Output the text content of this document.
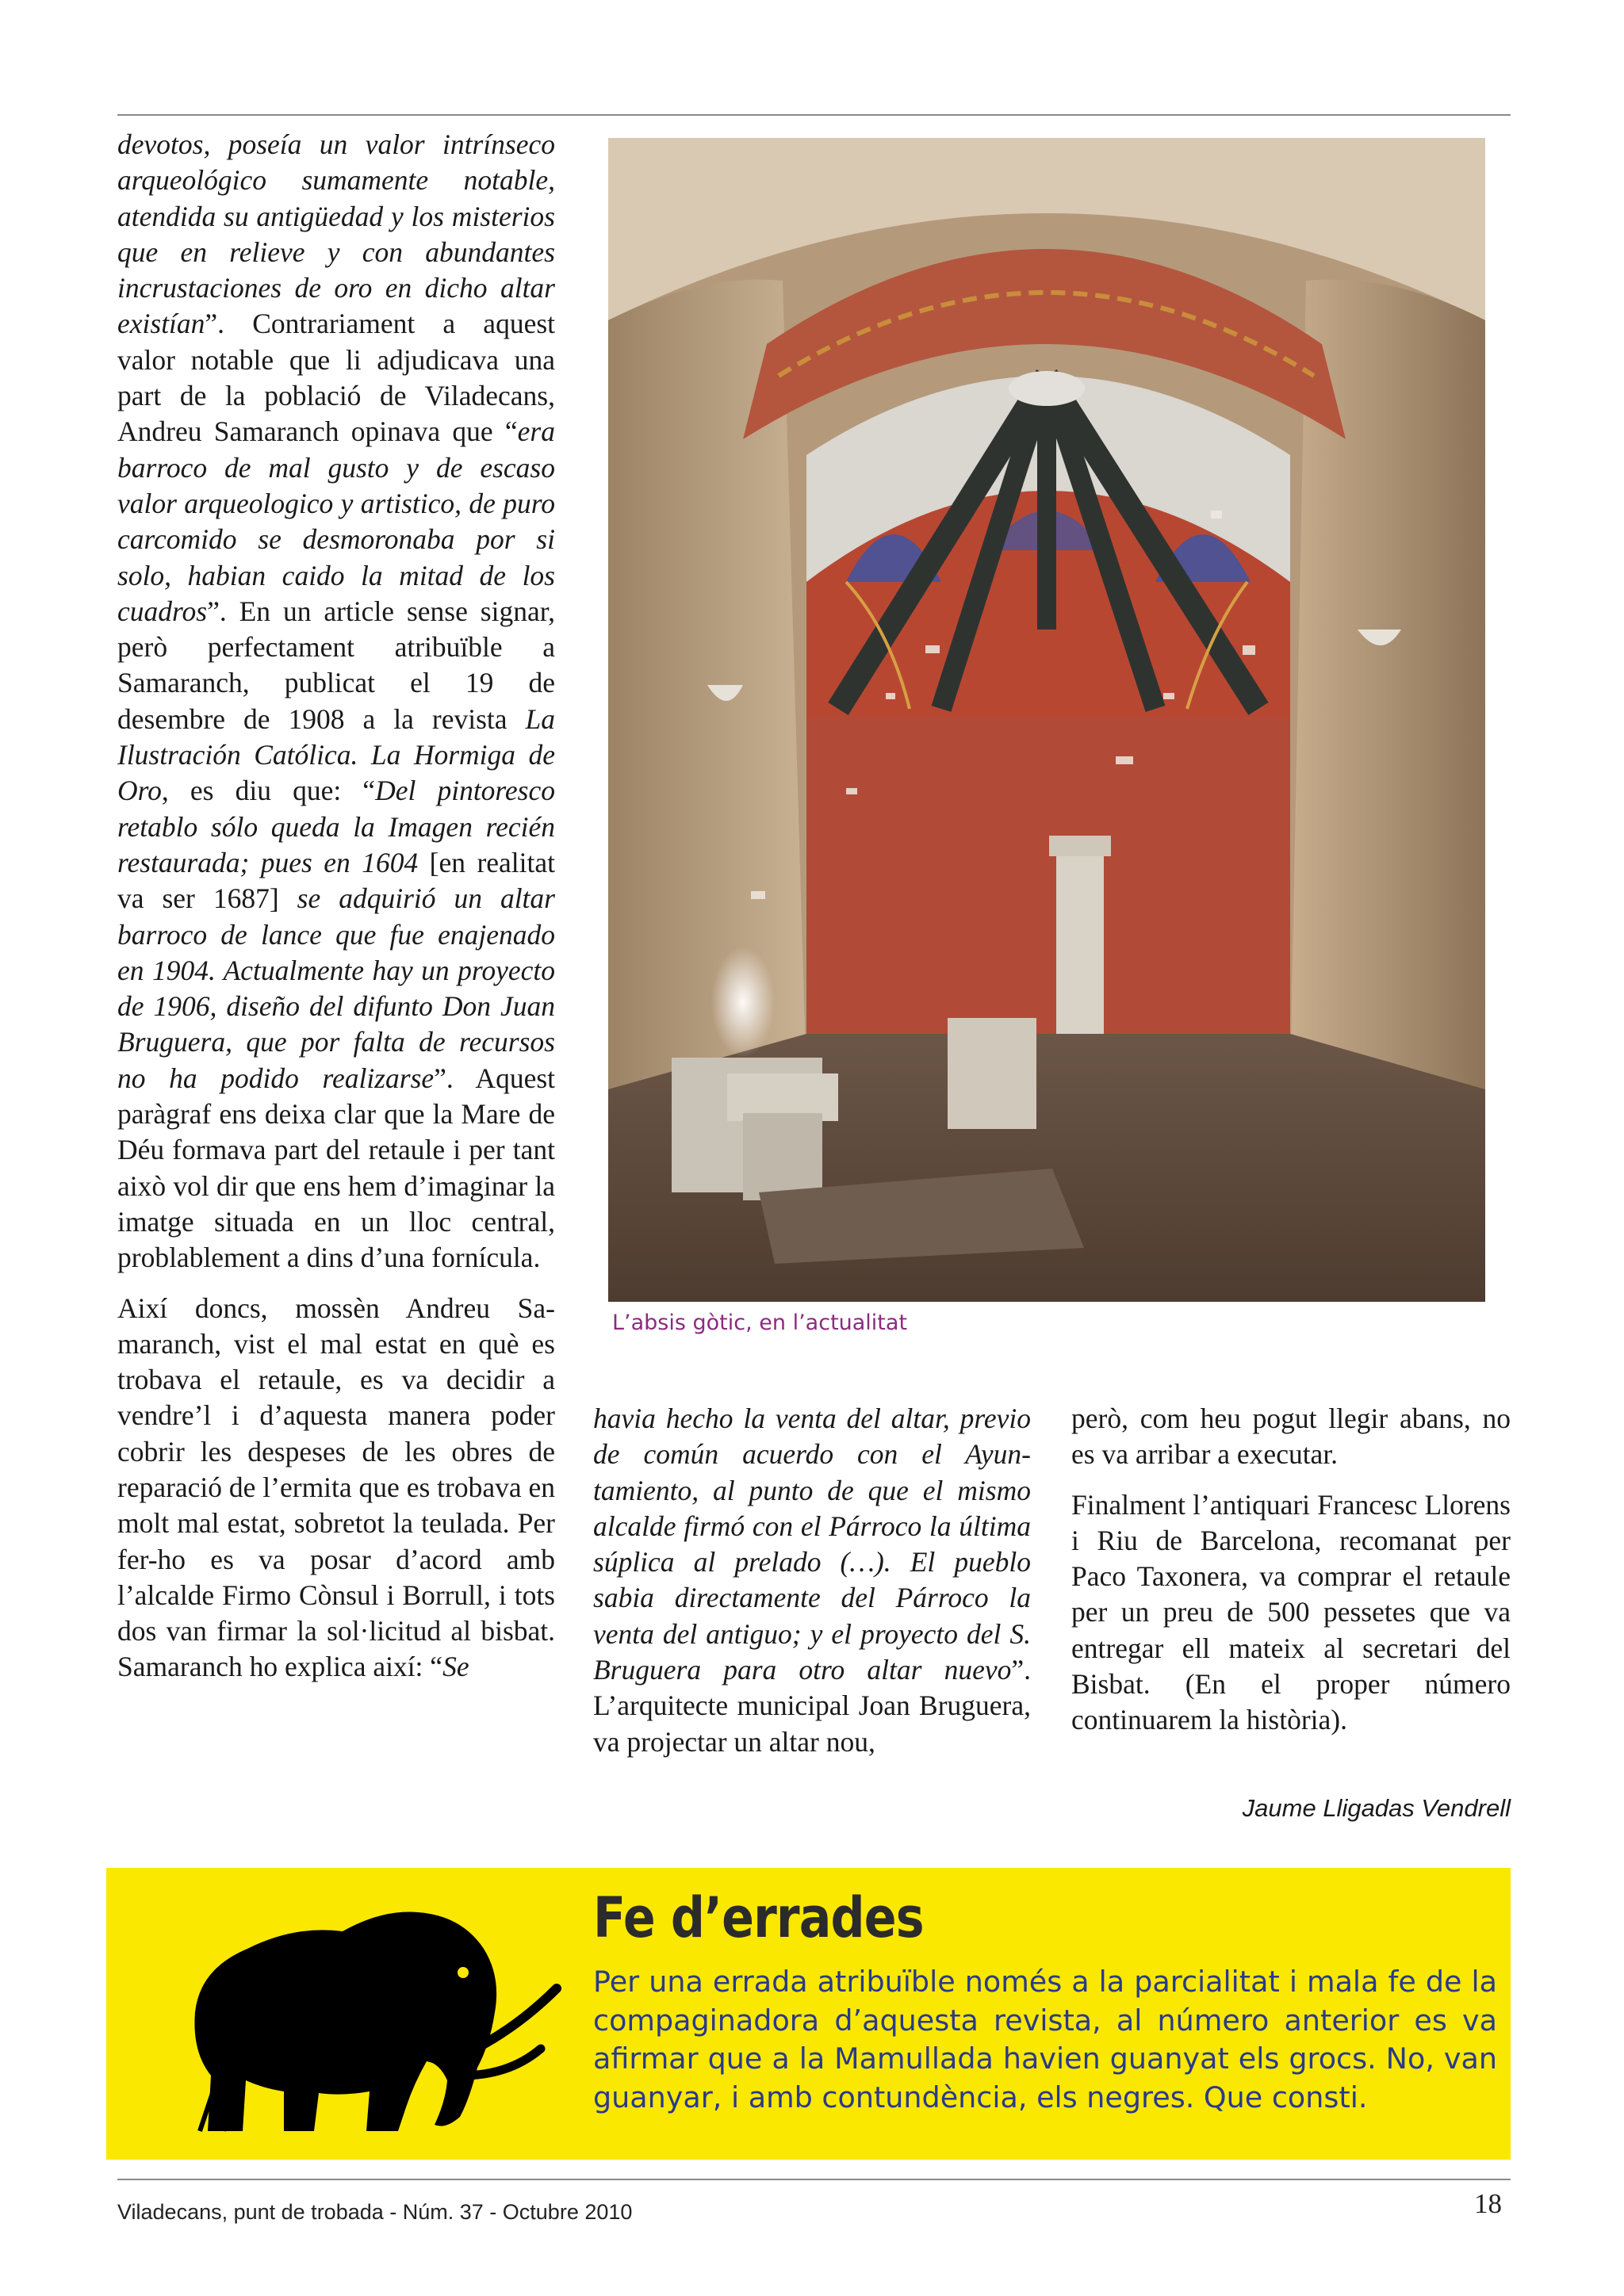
devotos, poseía un valor intrínseco arqueológico sumamente notable, atendida su antigüedad y los misterios que en relieve y con abundantes incrustaciones de oro en dicho altar existían”. Contrariament a aquest valor notable que li adjudicava una part de la població de Viladecans, Andreu Samaranch opinava que “era barroco de mal gusto y de escaso valor arqueologico y artistico, de puro carcomido se desmoronaba por si solo, habian caido la mitad de los cuadros”. En un article sense signar, però perfectament atribuïble a Samaranch, publicat el 19 de desembre de 1908 a la revista La Ilustración Católica. La Hormiga de Oro, es diu que: “Del pintoresco retablo sólo queda la Imagen recién restaurada; pues en 1604 [en realitat va ser 1687] se adquirió un altar barroco de lance que fue enajenado en 1904. Actualmente hay un proyecto de 1906, diseño del difunto Don Juan Bruguera, que por falta de recursos no ha podido realizarse”. Aquest paràgraf ens deixa clar que la Mare de Déu formava part del retaule i per tant això vol dir que ens hem d’imaginar la imatge situada en un lloc central, problablement a dins d’una fornícula.

Així doncs, mossèn Andreu Samaranch, vist el mal estat en què es trobava el retaule, es va decidir a vendre’l i d’aquesta manera poder cobrir les despeses de les obres de reparació de l’ermita que es trobava en molt mal estat, sobretot la teulada. Per fer-ho es va posar d’acord amb l’alcalde Firmo Cònsul i Borrull, i tots dos van firmar la sol·licitud al bisbat. Samaranch ho explica així: “Se

L’absis gòtic, en l’actualitat

havia hecho la venta del altar, previo de común acuerdo con el Ayuntamiento, al punto de que el mismo alcalde firmó con el Párroco la última súplica al prelado (…). El pueblo sabia directamente del Párroco la venta del antiguo; y el proyecto del S. Bruguera para otro altar nuevo”. L’arquitecte municipal Joan Bruguera, va projectar un altar nou,

però, com heu pogut llegir abans, no es va arribar a executar.

Finalment l’antiquari Francesc Llorens i Riu de Barcelona, recomanat per Paco Taxonera, va comprar el retaule per un preu de 500 pessetes que va entregar ell mateix al secretari del Bisbat. (En el proper número continuarem la història).

Jaume Lligadas Vendrell
Fe d’errades
Per una errada atribuïble només a la parcialitat i mala fe de la compaginadora d’aquesta revista, al número anterior es va afirmar que a la Mamullada havien guanyat els grocs. No, van guanyar, i amb contundència, els negres. Que consti.
Viladecans, punt de trobada - Núm. 37 - Octubre 2010	18
